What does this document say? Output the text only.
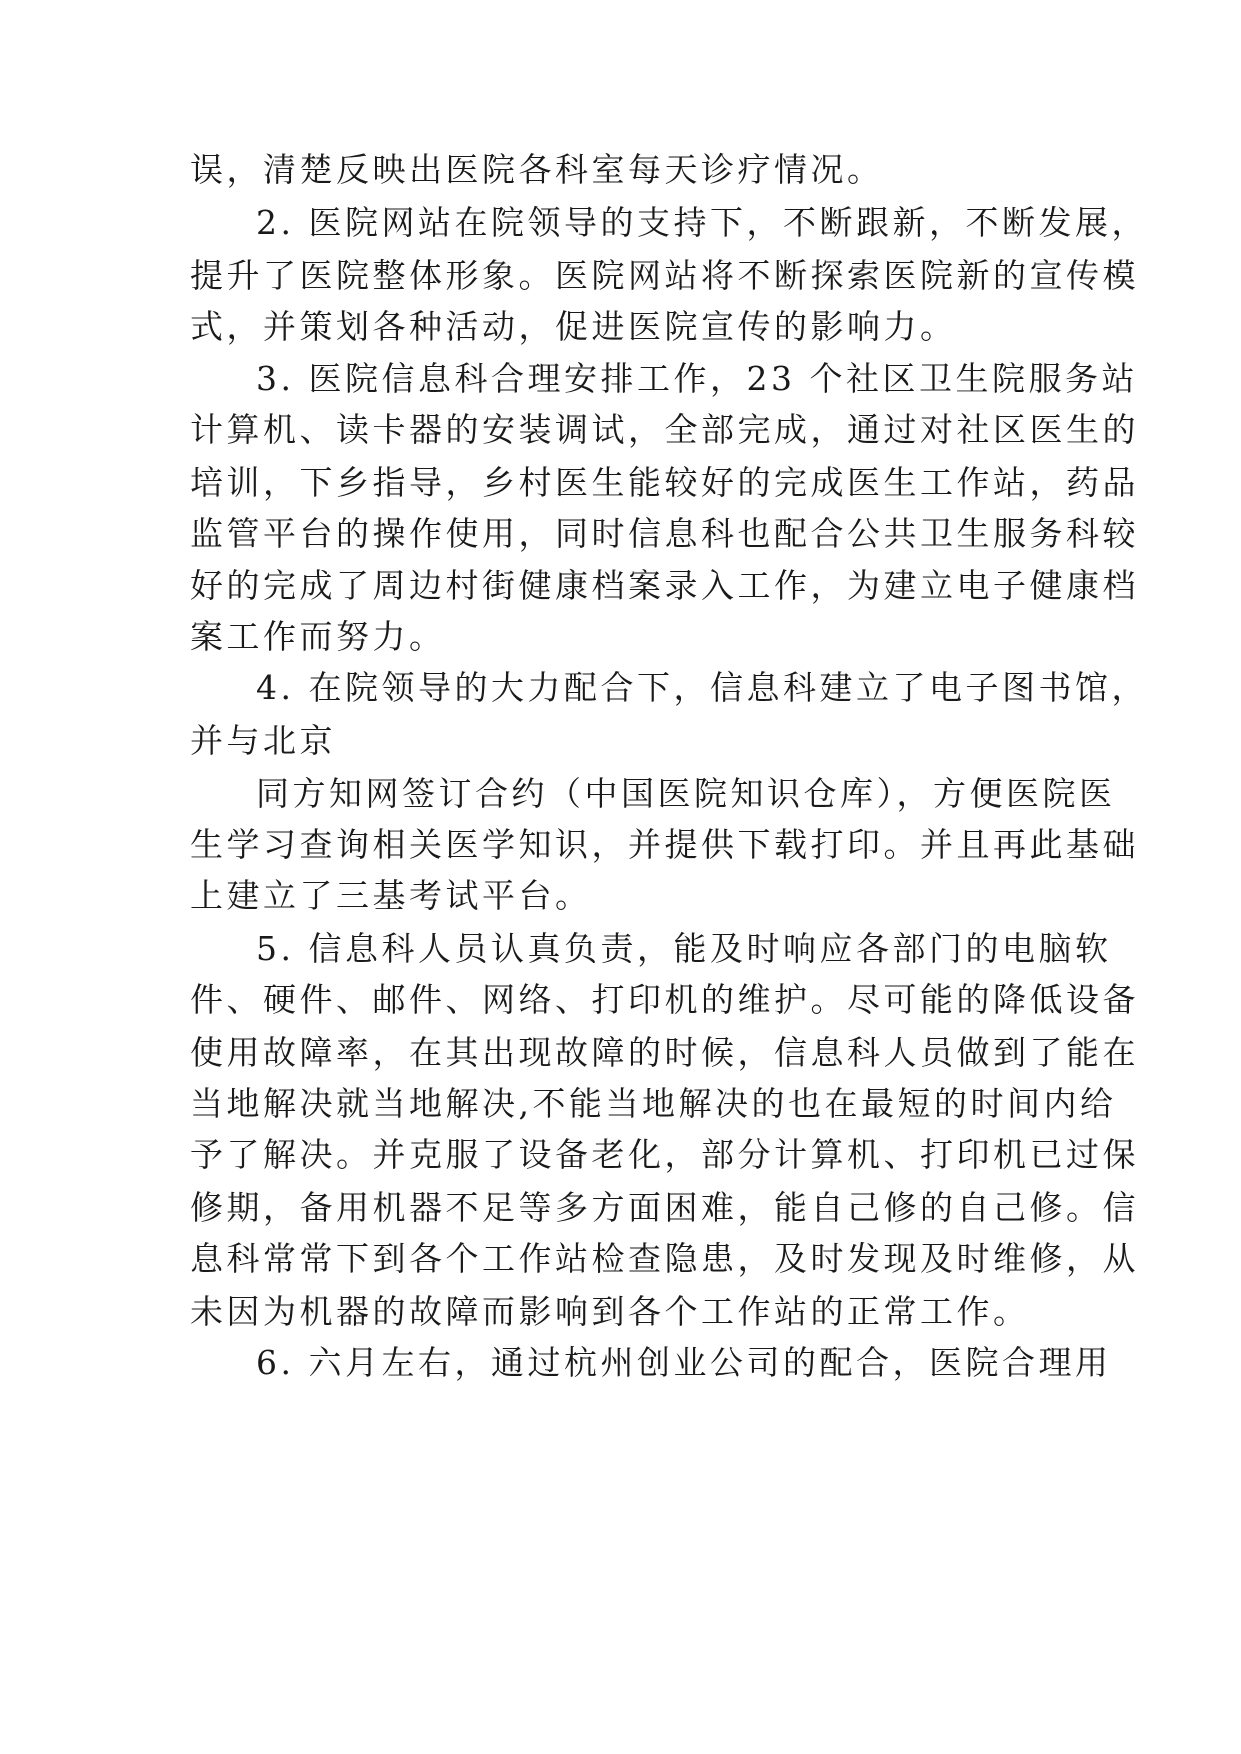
误，清楚反映出医院各科室每天诊疗情况。
2. 医院网站在院领导的支持下，不断跟新，不断发展，
提升了医院整体形象。医院网站将不断探索医院新的宣传模
式，并策划各种活动，促进医院宣传的影响力。
3. 医院信息科合理安排工作，23 个社区卫生院服务站
计算机、读卡器的安装调试，全部完成，通过对社区医生的
培训，下乡指导，乡村医生能较好的完成医生工作站，药品
监管平台的操作使用，同时信息科也配合公共卫生服务科较
好的完成了周边村街健康档案录入工作，为建立电子健康档
案工作而努力。
4. 在院领导的大力配合下，信息科建立了电子图书馆，
并与北京
同方知网签订合约（中国医院知识仓库），方便医院医
生学习查询相关医学知识，并提供下载打印。并且再此基础
上建立了三基考试平台。
5. 信息科人员认真负责，能及时响应各部门的电脑软
件、硬件、邮件、网络、打印机的维护。尽可能的降低设备
使用故障率，在其出现故障的时候，信息科人员做到了能在
当地解决就当地解决,不能当地解决的也在最短的时间内给
予了解决。并克服了设备老化，部分计算机、打印机已过保
修期，备用机器不足等多方面困难，能自己修的自己修。信
息科常常下到各个工作站检查隐患，及时发现及时维修，从
未因为机器的故障而影响到各个工作站的正常工作。
6. 六月左右，通过杭州创业公司的配合，医院合理用
